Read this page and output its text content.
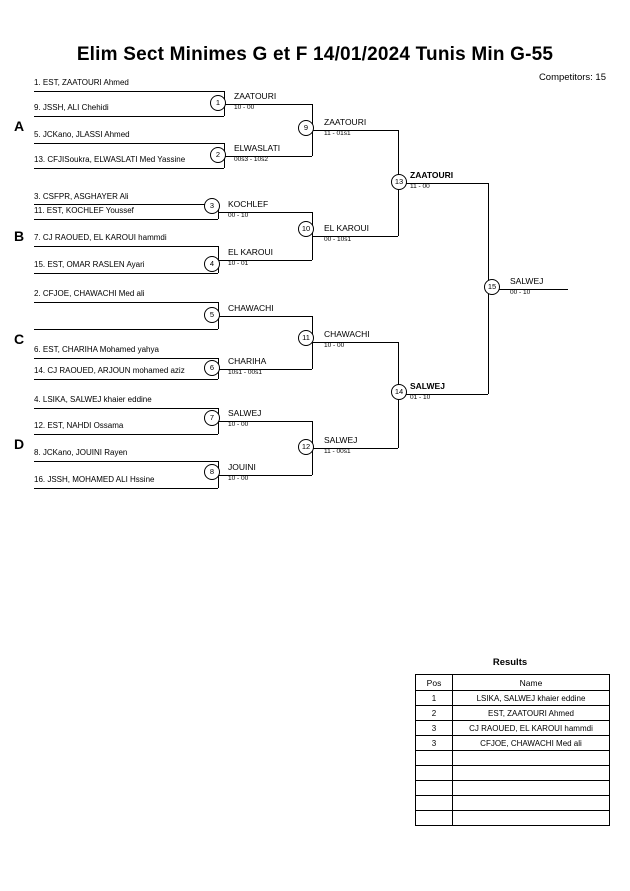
Elim Sect Minimes G et F 14/01/2024 Tunis Min G-55
Competitors: 15
A
B
C
D
1. EST, ZAATOURI Ahmed
9. JSSH, ALI Chehidi
5. JCKano, JLASSI Ahmed
13. CFJISoukra, ELWASLATI Med Yassine
3. CSFPR, ASGHAYER Ali
11. EST, KOCHLEF Youssef
7. CJ RAOUED, EL KAROUI hammdi
15. EST, OMAR RASLEN Ayari
2. CFJOE, CHAWACHI Med ali
6. EST, CHARIHA Mohamed yahya
14. CJ RAOUED, ARJOUN mohamed aziz
4. LSIKA, SALWEJ khaier eddine
12. EST, NAHDI Ossama
8. JCKano, JOUINI Rayen
16. JSSH, MOHAMED ALI Hssine
ZAATOURI
10 - 00
ELWASLATI
00s3 - 10s2
KOCHLEF
00 - 10
EL KAROUI
10 - 01
CHAWACHI
CHARIHA
10s1 - 00s1
SALWEJ
10 - 00
JOUINI
10 - 00
ZAATOURI
11 - 01s1
EL KAROUI
00 - 10s1
CHAWACHI
10 - 00
SALWEJ
11 - 00s1
ZAATOURI
11 - 00
SALWEJ
01 - 10
SALWEJ
00 - 10
1
2
3
4
5
6
7
8
9
10
11
12
13
14
15
Results
Pos	Name
1	LSIKA, SALWEJ khaier eddine
2	EST, ZAATOURI Ahmed
3	CJ RAOUED, EL KAROUI hammdi
3	CFJOE, CHAWACHI Med ali
